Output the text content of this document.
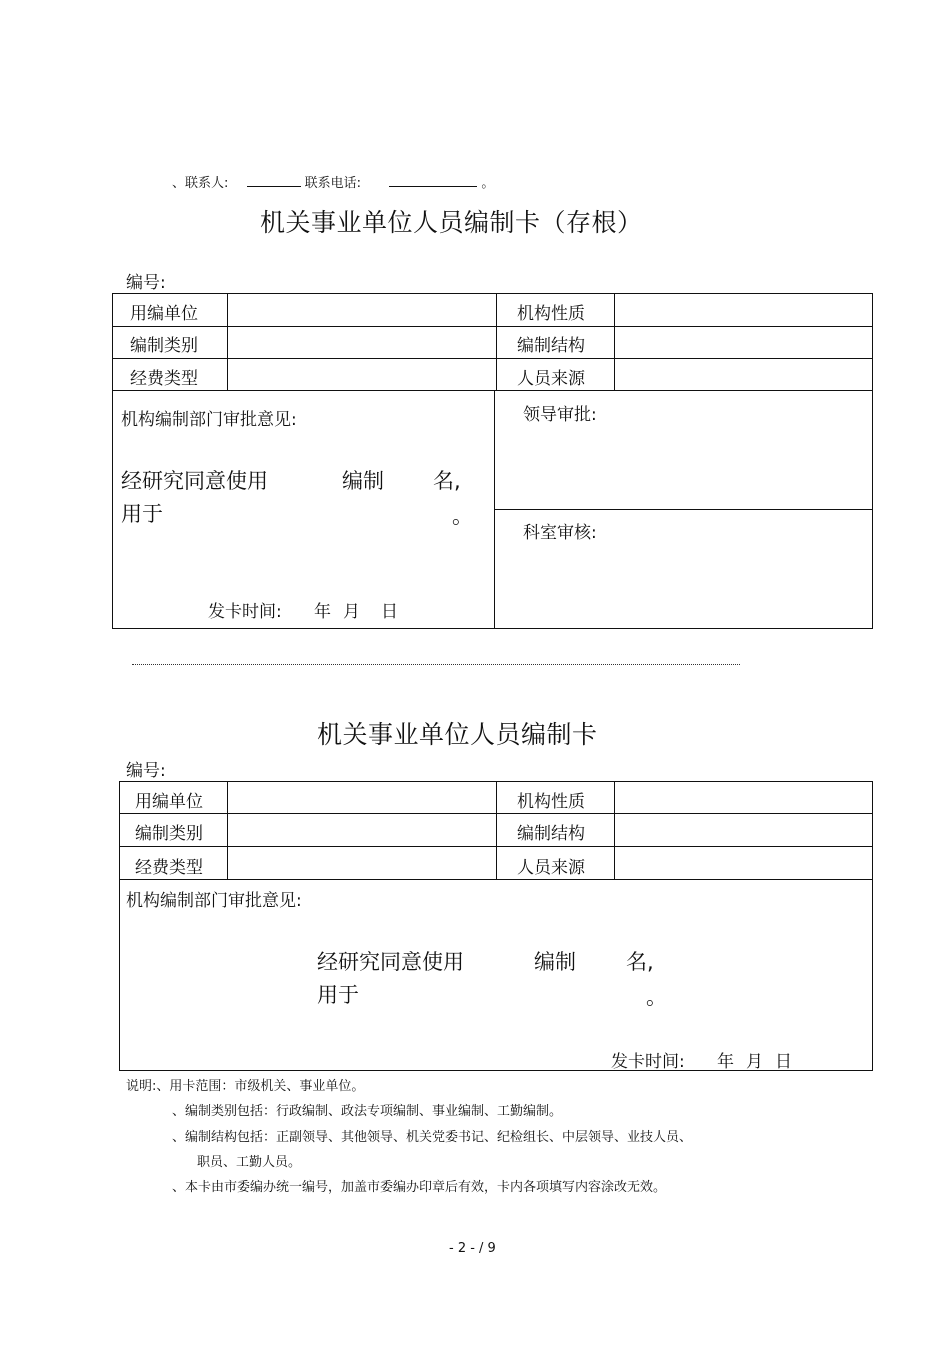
、联系人:	联系电话:	。
机关事业单位人员编制卡（存根）
编号:
用编单位	机构性质
编制类别	编制结构
经费类型	人员来源
机构编制部门审批意见:
经研究同意使用	编制 名,
用于	。
发卡时间: 年 月 日
领导审批:
科室审核:
机关事业单位人员编制卡
编号:
用编单位	机构性质
编制类别	编制结构
经费类型	人员来源
机构编制部门审批意见:
经研究同意使用	编制 名,
用于	。
发卡时间: 年 月 日
说明:、用卡范围：市级机关、事业单位。
、编制类别包括：行政编制、政法专项编制、事业编制、工勤编制。
、编制结构包括：正副领导、其他领导、机关党委书记、纪检组长、中层领导、业技人员、
职员、工勤人员。
、本卡由市委编办统一编号，加盖市委编办印章后有效，卡内各项填写内容涂改无效。
- 2 - / 9
